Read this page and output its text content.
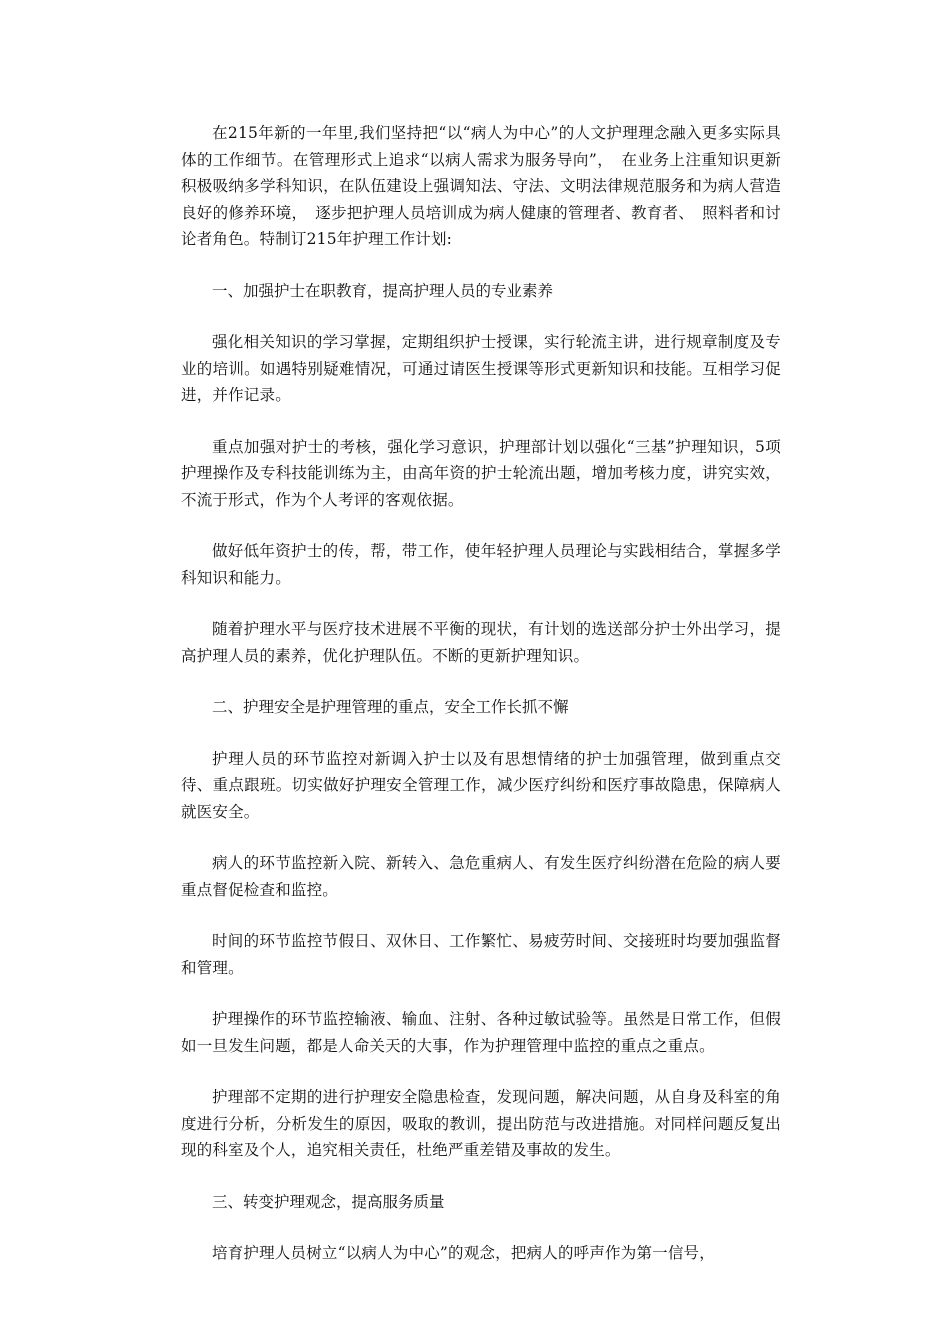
在215年新的一年里,我们坚持把“以“病人为中心”的人文护理理念融入更多实际具体的工作细节。在管理形式上追求“以病人需求为服务导向”，　在业务上注重知识更新积极吸纳多学科知识，在队伍建设上强调知法、守法、文明法律规范服务和为病人营造良好的修养环境，　逐步把护理人员培训成为病人健康的管理者、教育者、　照料者和讨论者角色。特制订215年护理工作计划:

一、加强护士在职教育，提高护理人员的专业素养

强化相关知识的学习掌握，定期组织护士授课，实行轮流主讲，进行规章制度及专业的培训。如遇特别疑难情况，可通过请医生授课等形式更新知识和技能。互相学习促进，并作记录。

重点加强对护士的考核，强化学习意识，护理部计划以强化“三基”护理知识，5项护理操作及专科技能训练为主，由高年资的护士轮流出题，增加考核力度，讲究实效，不流于形式，作为个人考评的客观依据。

做好低年资护士的传，帮，带工作，使年轻护理人员理论与实践相结合，掌握多学科知识和能力。

随着护理水平与医疗技术进展不平衡的现状，有计划的选送部分护士外出学习，提高护理人员的素养，优化护理队伍。不断的更新护理知识。

二、护理安全是护理管理的重点，安全工作长抓不懈

护理人员的环节监控对新调入护士以及有思想情绪的护士加强管理，做到重点交待、重点跟班。切实做好护理安全管理工作，减少医疗纠纷和医疗事故隐患，保障病人就医安全。

病人的环节监控新入院、新转入、急危重病人、有发生医疗纠纷潜在危险的病人要重点督促检查和监控。

时间的环节监控节假日、双休日、工作繁忙、易疲劳时间、交接班时均要加强监督和管理。

护理操作的环节监控输液、输血、注射、各种过敏试验等。虽然是日常工作，但假如一旦发生问题，都是人命关天的大事，作为护理管理中监控的重点之重点。

护理部不定期的进行护理安全隐患检查，发现问题，解决问题，从自身及科室的角度进行分析，分析发生的原因，吸取的教训，提出防范与改进措施。对同样问题反复出现的科室及个人，追究相关责任，杜绝严重差错及事故的发生。

三、转变护理观念，提高服务质量

培育护理人员树立“以病人为中心”的观念，把病人的呼声作为第一信号，
